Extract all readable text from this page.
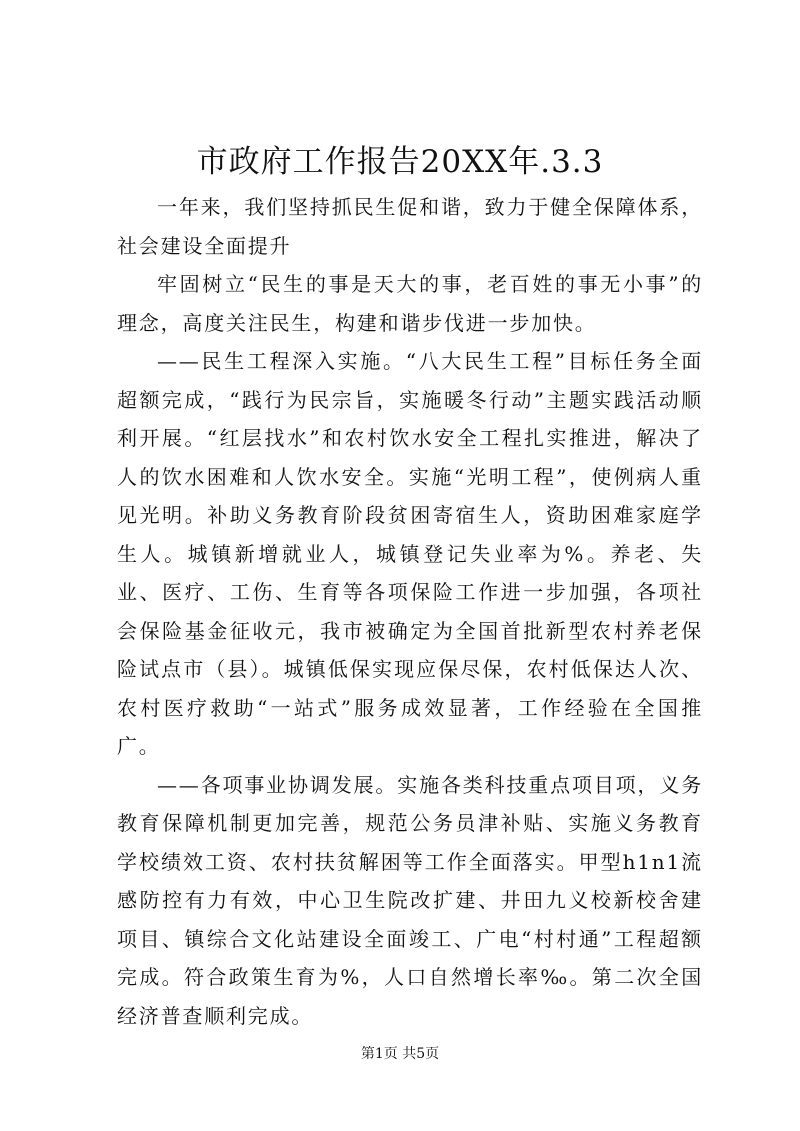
市政府工作报告20XX年.3.3

一年来，我们坚持抓民生促和谐，致力于健全保障体系，社会建设全面提升

牢固树立“民生的事是天大的事，老百姓的事无小事”的理念，高度关注民生，构建和谐步伐进一步加快。

——民生工程深入实施。“八大民生工程”目标任务全面超额完成，“践行为民宗旨，实施暖冬行动”主题实践活动顺利开展。“红层找水”和农村饮水安全工程扎实推进，解决了人的饮水困难和人饮水安全。实施“光明工程”，使例病人重见光明。补助义务教育阶段贫困寄宿生人，资助困难家庭学生人。城镇新增就业人，城镇登记失业率为%。养老、失业、医疗、工伤、生育等各项保险工作进一步加强，各项社会保险基金征收元，我市被确定为全国首批新型农村养老保险试点市（县）。城镇低保实现应保尽保，农村低保达人次、农村医疗救助“一站式”服务成效显著，工作经验在全国推广。

——各项事业协调发展。实施各类科技重点项目项，义务教育保障机制更加完善，规范公务员津补贴、实施义务教育学校绩效工资、农村扶贫解困等工作全面落实。甲型h1n1流感防控有力有效，中心卫生院改扩建、井田九义校新校舍建项目、镇综合文化站建设全面竣工、广电“村村通”工程超额完成。符合政策生育为%，人口自然增长率‰。第二次全国经济普查顺利完成。

第1页 共5页
